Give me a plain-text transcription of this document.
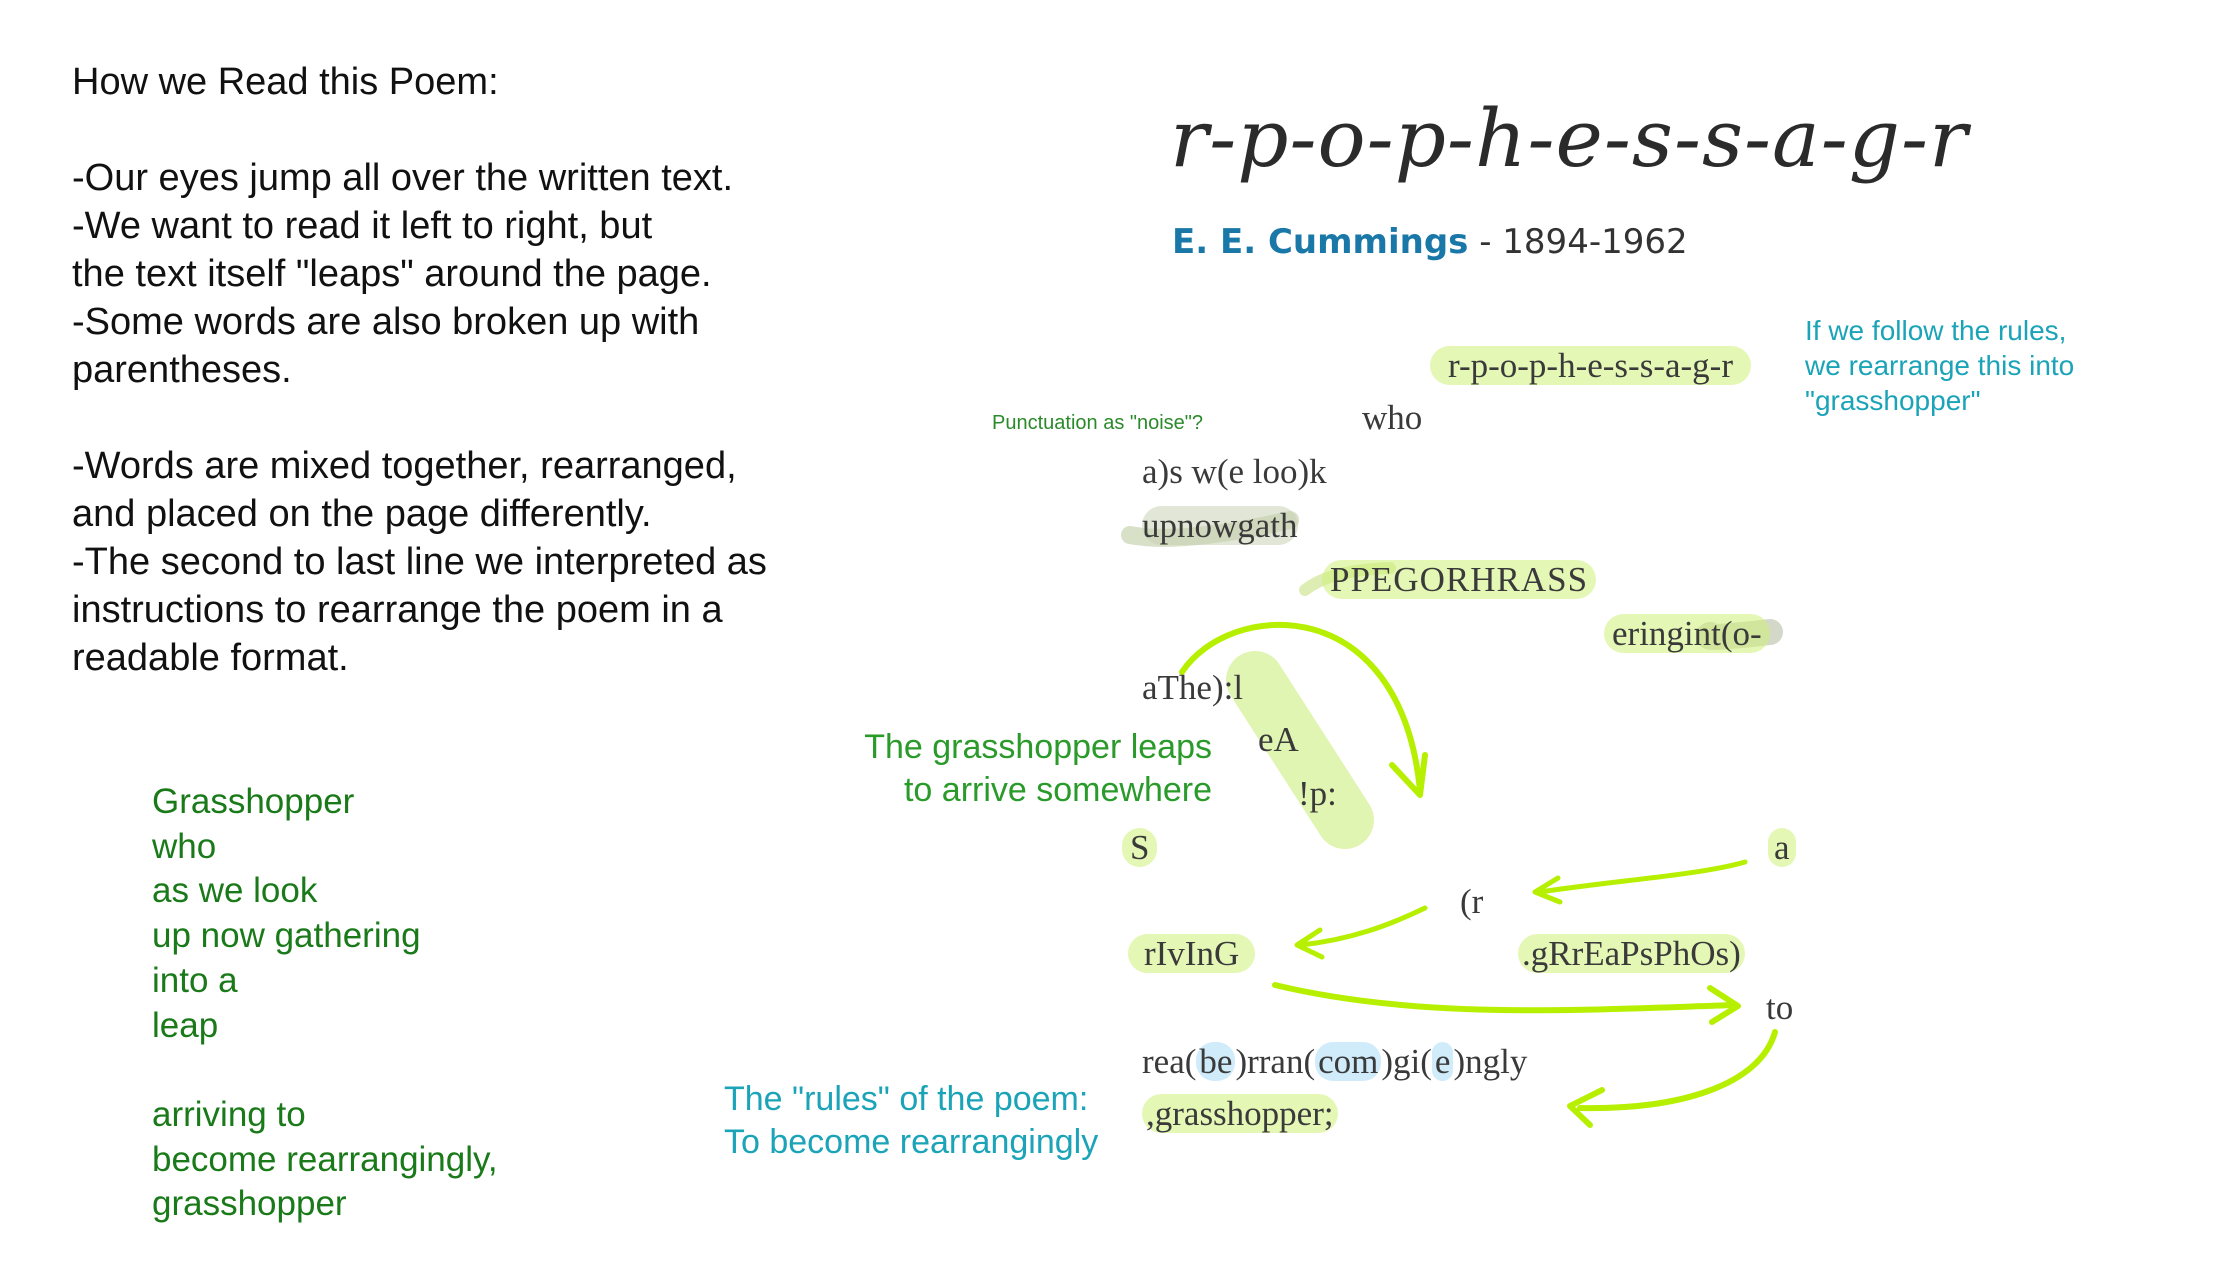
How we Read this Poem:
-Our eyes jump all over the written text.
-We want to read it left to right, but
the text itself "leaps" around the page.
-Some words are also broken up with
parentheses.
-Words are mixed together, rearranged,
and placed on the page differently.
-The second to last line we interpreted as
instructions to rearrange the poem in a
readable format.
Grasshopper
who
as we look
up now gathering
into a
leap
arriving to
become rearrangingly,
grasshopper
r-p-o-p-h-e-s-s-a-g-r
E. E. Cummings - 1894-1962
r-p-o-p-h-e-s-s-a-g-r
who
a)s w(e loo)k
upnowgath
PPEGORHRASS
eringint(o-
aThe):l
eA
!p:
S	a
(r
rIvInG	.gRrEaPsPhOs)
to
rea(be)rran(com)gi(e)ngly
,grasshopper;
If we follow the rules,
we rearrange this into
"grasshopper"
Punctuation as "noise"?
The grasshopper leaps
to arrive somewhere
The "rules" of the poem:
To become rearrangingly
